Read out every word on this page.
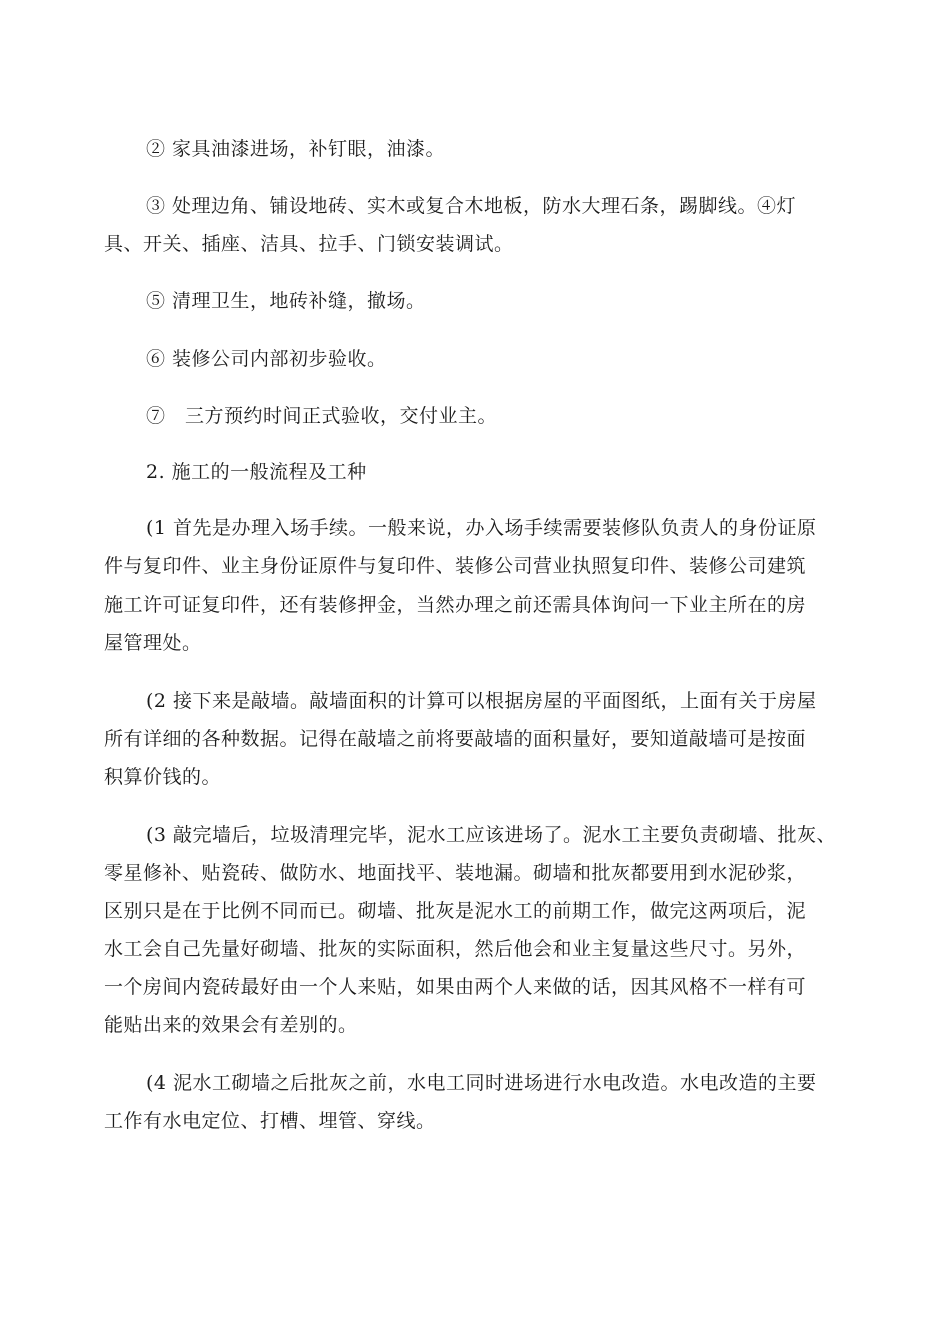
② 家具油漆进场，补钉眼，油漆。
③ 处理边角、铺设地砖、实木或复合木地板，防水大理石条，踢脚线。④灯
具、开关、插座、洁具、拉手、门锁安装调试。
⑤ 清理卫生，地砖补缝，撤场。
⑥ 装修公司内部初步验收。
⑦　三方预约时间正式验收，交付业主。
2. 施工的一般流程及工种
(1 首先是办理入场手续。一般来说，办入场手续需要装修队负责人的身份证原
件与复印件、业主身份证原件与复印件、装修公司营业执照复印件、装修公司建筑
施工许可证复印件，还有装修押金，当然办理之前还需具体询问一下业主所在的房
屋管理处。
(2 接下来是敲墙。敲墙面积的计算可以根据房屋的平面图纸，上面有关于房屋
所有详细的各种数据。记得在敲墙之前将要敲墙的面积量好，要知道敲墙可是按面
积算价钱的。
(3 敲完墙后，垃圾清理完毕，泥水工应该进场了。泥水工主要负责砌墙、批灰、
零星修补、贴瓷砖、做防水、地面找平、装地漏。砌墙和批灰都要用到水泥砂浆，
区别只是在于比例不同而已。砌墙、批灰是泥水工的前期工作，做完这两项后，泥
水工会自己先量好砌墙、批灰的实际面积，然后他会和业主复量这些尺寸。另外，
一个房间内瓷砖最好由一个人来贴，如果由两个人来做的话，因其风格不一样有可
能贴出来的效果会有差别的。
(4 泥水工砌墙之后批灰之前，水电工同时进场进行水电改造。水电改造的主要
工作有水电定位、打槽、埋管、穿线。
